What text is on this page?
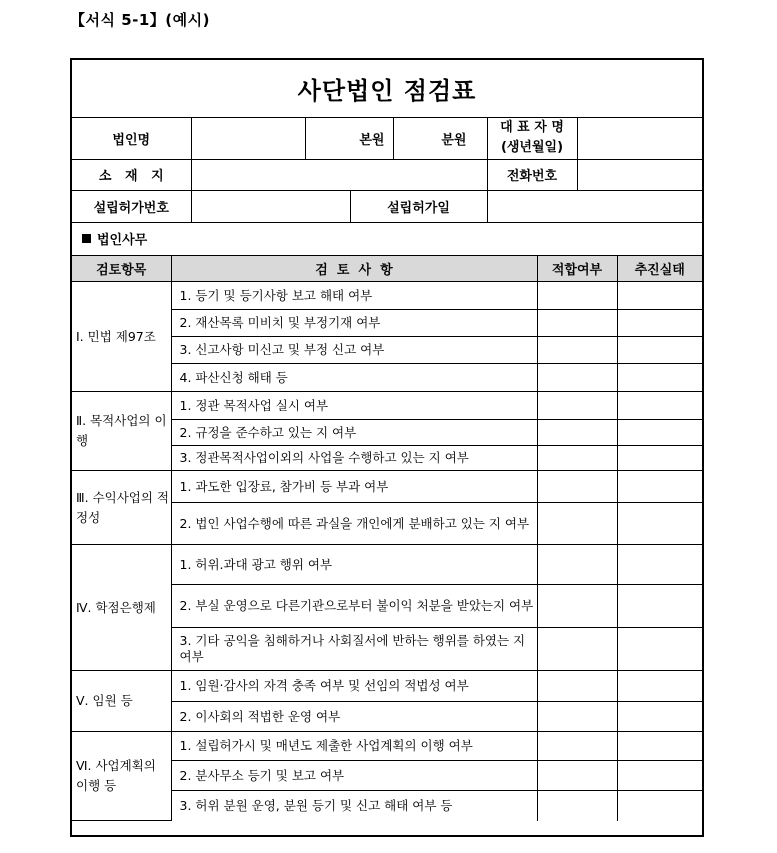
【서식 5-1】(예시)
사단법인 점검표
법인명		본원		분원	대 표 자 명
(생년월일)	

소   재   지					전화번호	
설립허가번호			설립허가일			
법인사무
검토항목	검  토  사  항	적합여부	추진실태
Ⅰ. 민법 제97조	1. 등기 및 등기사항 보고 해태 여부		
	2. 재산목록 미비치 및 부정기재 여부		
	3. 신고사항 미신고 및 부정 신고 여부		
	4. 파산신청 해태 등		
Ⅱ. 목적사업의 이행	1. 정관 목적사업 실시 여부		
	2. 규정을 준수하고 있는 지 여부		
	3. 정관목적사업이외의 사업을 수행하고 있는 지 여부		
Ⅲ. 수익사업의 적정성	1. 과도한 입장료, 참가비 등 부과 여부		
	2. 법인 사업수행에 따른 과실을 개인에게 분배하고 있는 지 여부		
Ⅳ. 학점은행제	1. 허위.과대 광고 행위 여부		
	2. 부실 운영으로 다른기관으로부터 불이익 처분을 받았는지 여부		
	3. 기타 공익을 침해하거나 사회질서에 반하는 행위를 하였는 지 여부		
Ⅴ. 임원 등	1. 임원‧감사의 자격 충족 여부 및 선임의 적법성 여부		
	2. 이사회의 적법한 운영 여부		
Ⅵ. 사업계획의 이행 등	1. 설립허가시 및 매년도 제출한 사업계획의 이행 여부		
	2. 분사무소 등기 및 보고 여부		
	3. 허위 분원 운영, 분원 등기 및 신고 해태 여부 등		
